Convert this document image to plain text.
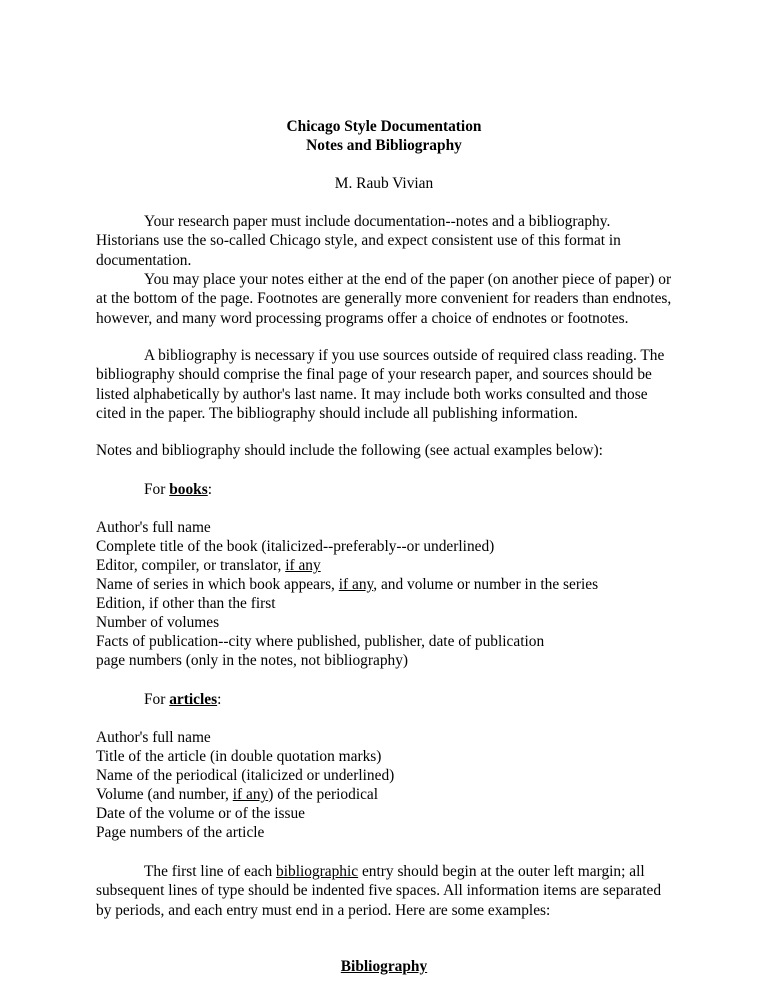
Chicago Style Documentation

Notes and Bibliography

M. Raub Vivian

Your research paper must include documentation--notes and a bibliography. Historians use the so-called Chicago style, and expect consistent use of this format in documentation.

You may place your notes either at the end of the paper (on another piece of paper) or at the bottom of the page. Footnotes are generally more convenient for readers than endnotes, however, and many word processing programs offer a choice of endnotes or footnotes.

A bibliography is necessary if you use sources outside of required class reading. The bibliography should comprise the final page of your research paper, and sources should be listed alphabetically by author's last name. It may include both works consulted and those cited in the paper. The bibliography should include all publishing information.

Notes and bibliography should include the following (see actual examples below):

For books:

Author's full name

Complete title of the book (italicized--preferably--or underlined)

Editor, compiler, or translator, if any

Name of series in which book appears, if any, and volume or number in the series

Edition, if other than the first

Number of volumes

Facts of publication--city where published, publisher, date of publication

page numbers (only in the notes, not bibliography)

For articles:

Author's full name

Title of the article (in double quotation marks)

Name of the periodical (italicized or underlined)

Volume (and number, if any) of the periodical

Date of the volume or of the issue

Page numbers of the article

The first line of each bibliographic entry should begin at the outer left margin; all subsequent lines of type should be indented five spaces. All information items are separated by periods, and each entry must end in a period. Here are some examples:

Bibliography
